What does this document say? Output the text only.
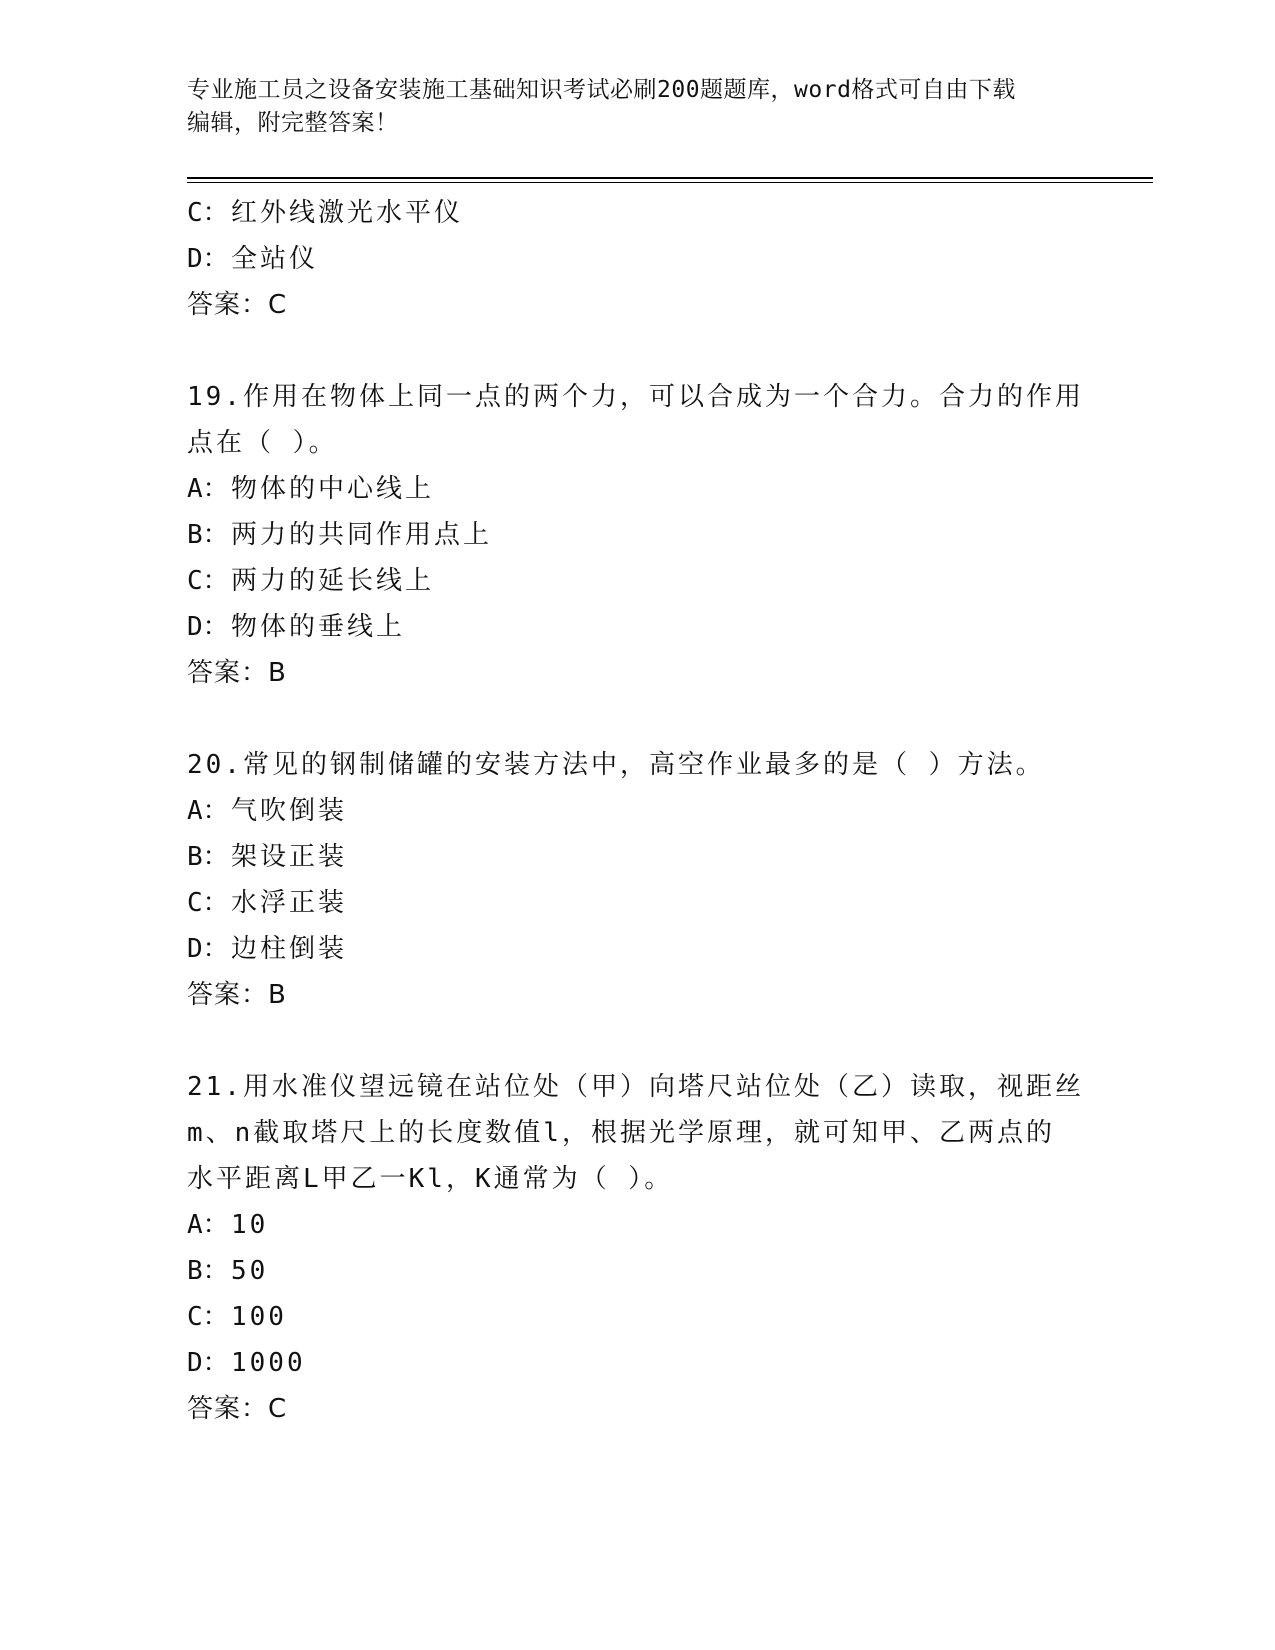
专业施工员之设备安装施工基础知识考试必刷200题题库，word格式可自由下载
编辑，附完整答案！
C：红外线激光水平仪
D：全站仪
答案：C
19.作用在物体上同一点的两个力，可以合成为一个合力。合力的作用
点在（ ）。
A：物体的中心线上
B：两力的共同作用点上
C：两力的延长线上
D：物体的垂线上
答案：B
20.常见的钢制储罐的安装方法中，高空作业最多的是（ ）方法。
A：气吹倒装
B：架设正装
C：水浮正装
D：边柱倒装
答案：B
21.用水准仪望远镜在站位处（甲）向塔尺站位处（乙）读取，视距丝
m、n截取塔尺上的长度数值l，根据光学原理，就可知甲、乙两点的
水平距离L甲乙一Kl，K通常为（ ）。
A：10
B：50
C：100
D：1000
答案：C
